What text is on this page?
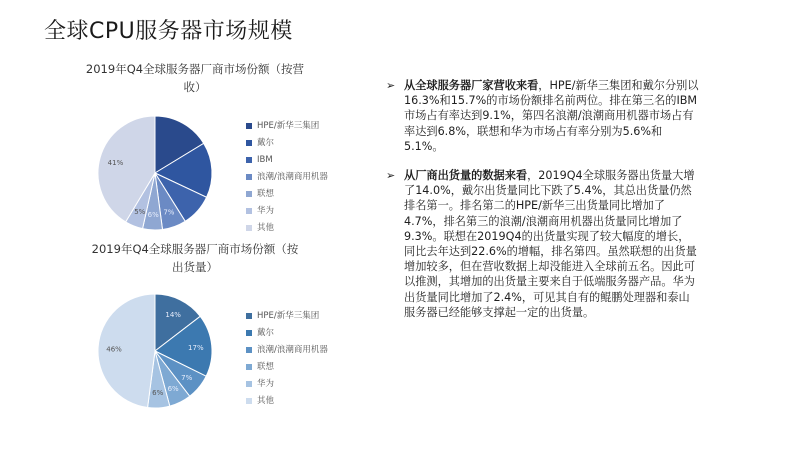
全球CPU服务器市场规模
2019年Q4全球服务器厂商市场份额（按营
收）
7%
6%
5%
41%
HPE/新华三集团
戴尔
IBM
浪潮/浪潮商用机器
联想
华为
其他
2019年Q4全球服务器厂商市场份额（按
出货量）
14%
17%
7%
6%
6%
46%
HPE/新华三集团
戴尔
浪潮/浪潮商用机器
联想
华为
其他

➢ 从全球服务器厂家营收来看，HPE/新华三集团和戴尔分别以16.3%和15.7%的市场份额排名前两位。排在第三名的IBM市场占有率达到9.1%，第四名浪潮/浪潮商用机器市场占有率达到6.8%，联想和华为市场占有率分别为5.6%和5.1%。

➢ 从厂商出货量的数据来看，2019Q4全球服务器出货量大增了14.0%，戴尔出货量同比下跌了5.4%，其总出货量仍然排名第一。排名第二的HPE/新华三出货量同比增加了4.7%，排名第三的浪潮/浪潮商用机器出货量同比增加了9.3%。联想在2019Q4的出货量实现了较大幅度的增长，同比去年达到22.6%的增幅，排名第四。虽然联想的出货量增加较多，但在营收数据上却没能进入全球前五名。因此可以推测，其增加的出货量主要来自于低端服务器产品。华为出货量同比增加了2.4%，可见其自有的鲲鹏处理器和泰山服务器已经能够支撑起一定的出货量。
